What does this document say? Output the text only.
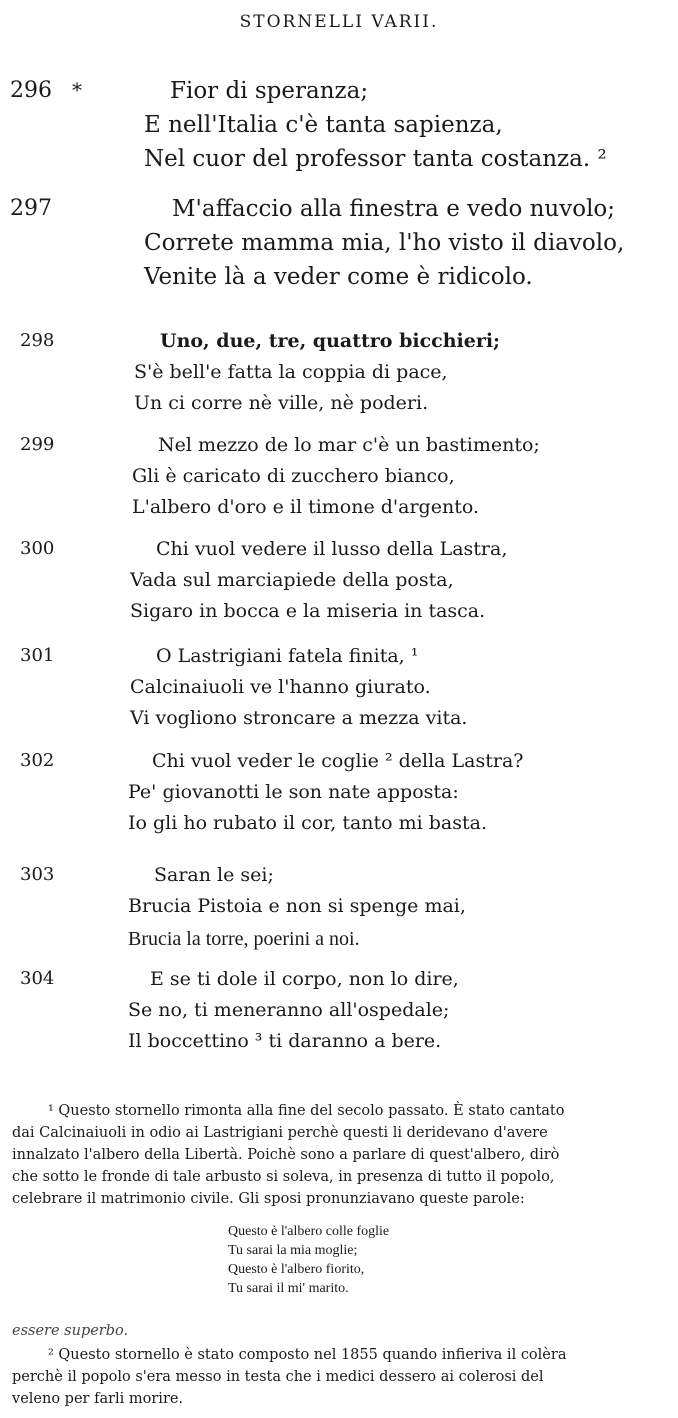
STORNELLI VARII.
296 *	Fior di speranza;
E nell'Italia c'è tanta sapienza,
Nel cuor del professor tanta costanza. ²
297	M'affaccio alla finestra e vedo nuvolo;
Correte mamma mia, l'ho visto il diavolo,
Venite là a veder come è ridicolo.
298	Uno, due, tre, quattro bicchieri;
S'è bell'e fatta la coppia di pace,
Un ci corre nè ville, nè poderi.
299	Nel mezzo de lo mar c'è un bastimento;
Gli è caricato di zucchero bianco,
L'albero d'oro e il timone d'argento.
300	Chi vuol vedere il lusso della Lastra,
Vada sul marciapiede della posta,
Sigaro in bocca e la miseria in tasca.
301	O Lastrigiani fatela finita, ¹
Calcinaiuoli ve l'hanno giurato.
Vi vogliono stroncare a mezza vita.
302	Chi vuol veder le coglie ² della Lastra?
Pe' giovanotti le son nate apposta:
Io gli ho rubato il cor, tanto mi basta.
303	Saran le sei;
Brucia Pistoia e non si spenge mai,
Brucia la torre, poerini a noi.
304	E se ti dole il corpo, non lo dire,
Se no, ti meneranno all'ospedale;
Il boccettino ³ ti daranno a bere.
¹ Questo stornello rimonta alla fine del secolo passato. È stato cantato
dai Calcinaiuoli in odio ai Lastrigiani perchè questi li deridevano d'avere
innalzato l'albero della Libertà. Poichè sono a parlare di quest'albero, dirò
che sotto le fronde di tale arbusto si soleva, in presenza di tutto il popolo,
celebrare il matrimonio civile. Gli sposi pronunziavano queste parole:
Questo è l'albero colle foglie
Tu sarai la mia moglie;
Questo è l'albero fiorito,
Tu sarai il mi' marito.
essere superbo.
² Questo stornello è stato composto nel 1855 quando infieriva il colèra
perchè il popolo s'era messo in testa che i medici dessero ai colerosi del
veleno per farli morire.
